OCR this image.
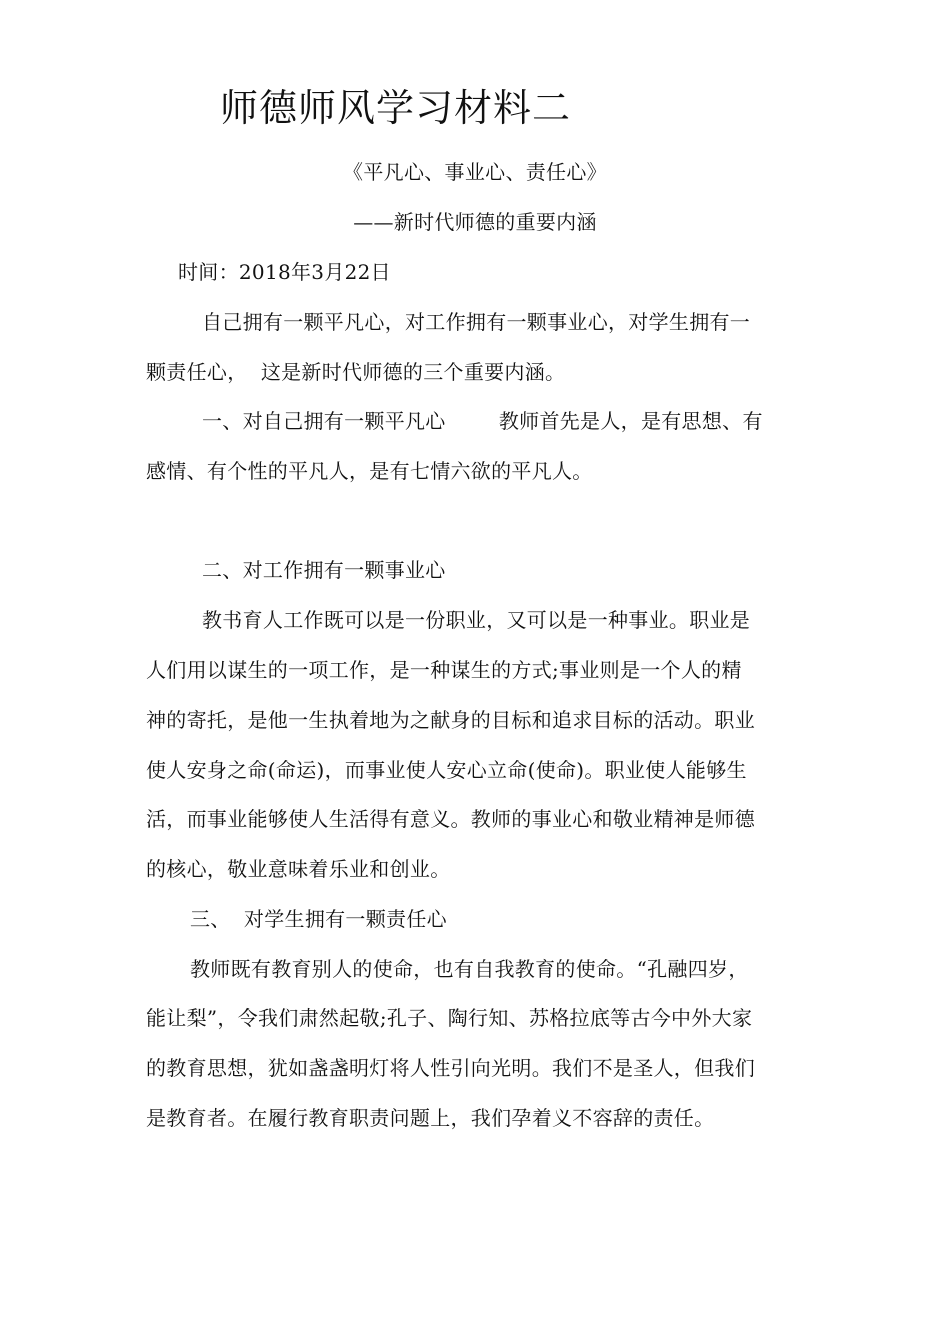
师德师风学习材料二
《平凡心、事业心、责任心》
——新时代师德的重要内涵
时间：2018年3月22日
自己拥有一颗平凡心，对工作拥有一颗事业心，对学生拥有一
颗责任心，  这是新时代师德的三个重要内涵。
一、对自己拥有一颗平凡心        教师首先是人，是有思想、有
感情、有个性的平凡人，是有七情六欲的平凡人。
二、对工作拥有一颗事业心
教书育人工作既可以是一份职业，又可以是一种事业。职业是
人们用以谋生的一项工作，是一种谋生的方式;事业则是一个人的精
神的寄托，是他一生执着地为之献身的目标和追求目标的活动。职业
使人安身之命(命运)，而事业使人安心立命(使命)。职业使人能够生
活，而事业能够使人生活得有意义。教师的事业心和敬业精神是师德
的核心，敬业意味着乐业和创业。
三、  对学生拥有一颗责任心
教师既有教育别人的使命，也有自我教育的使命。“孔融四岁，
能让梨”，令我们肃然起敬;孔子、陶行知、苏格拉底等古今中外大家
的教育思想，犹如盏盏明灯将人性引向光明。我们不是圣人，但我们
是教育者。在履行教育职责问题上，我们孕着义不容辞的责任。
